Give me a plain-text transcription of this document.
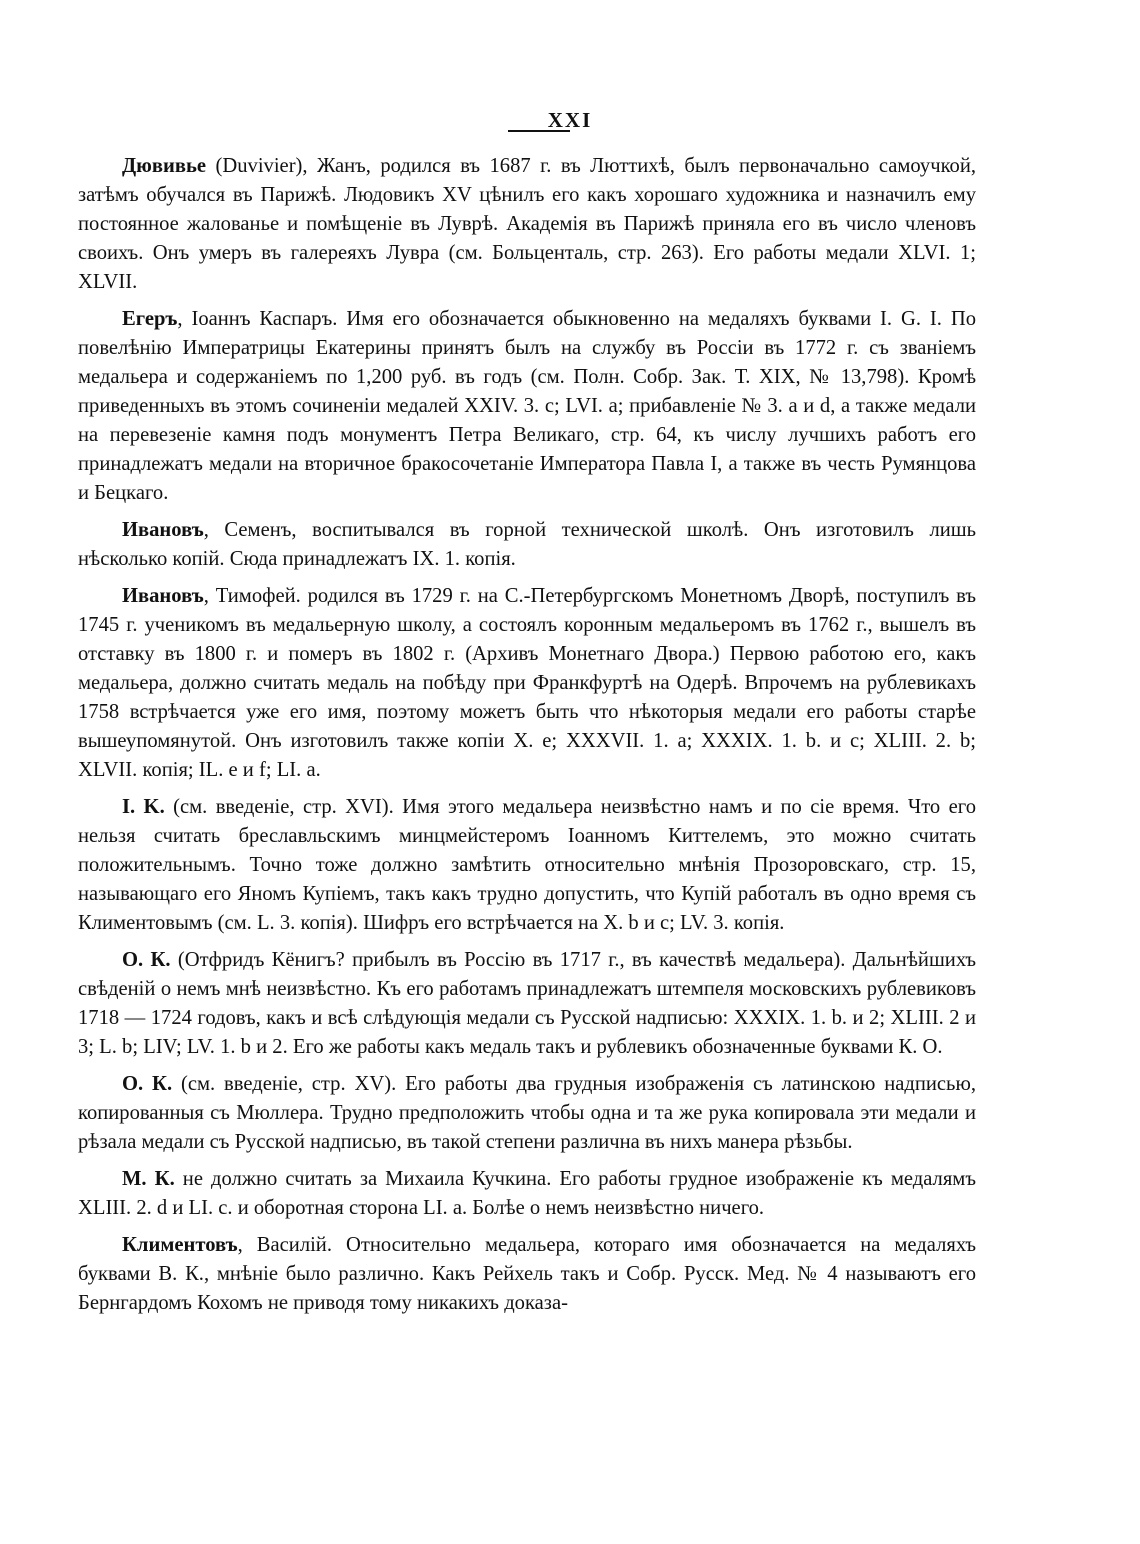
XXI

Дювивье (Duvivier), Жанъ, родился въ 1687 г. въ Люттихѣ, былъ первоначально самоучкой, затѣмъ обучался въ Парижѣ. Людовикъ XV цѣнилъ его какъ хорошаго художника и назначилъ ему постоянное жалованье и помѣщеніе въ Луврѣ. Академія въ Парижѣ приняла его въ число членовъ своихъ. Онъ умеръ въ галереяхъ Лувра (см. Больценталь, стр. 263). Его работы медали XLVI. 1; XLVII.

Егеръ, Іоаннъ Каспаръ. Имя его обозначается обыкновенно на медаляхъ буквами I. G. I. По повелѣнію Императрицы Екатерины принятъ былъ на службу въ Россіи въ 1772 г. съ званіемъ медальера и содержаніемъ по 1,200 руб. въ годъ (см. Полн. Собр. Зак. Т. XIX, № 13,798). Кромѣ приведенныхъ въ этомъ сочиненіи медалей XXIV. 3. c; LVI. a; прибавленіе № 3. a и d, а также медали на перевезеніе камня подъ монументъ Петра Великаго, стр. 64, къ числу лучшихъ работъ его принадлежатъ медали на вторичное бракосочетаніе Императора Павла I, а также въ честь Румянцова и Бецкаго.

Ивановъ, Семенъ, воспитывался въ горной технической школѣ. Онъ изготовилъ лишь нѣсколько копій. Сюда принадлежатъ IX. 1. копія.

Ивановъ, Тимофей. родился въ 1729 г. на С.-Петербургскомъ Монетномъ Дворѣ, поступилъ въ 1745 г. ученикомъ въ медальерную школу, а состоялъ коронным медальеромъ въ 1762 г., вышелъ въ отставку въ 1800 г. и померъ въ 1802 г. (Архивъ Монетнаго Двора.) Первою работою его, какъ медальера, должно считать медаль на побѣду при Франкфуртѣ на Одерѣ. Впрочемъ на рублевикахъ 1758 встрѣчается уже его имя, поэтому можетъ быть что нѣкоторыя медали его работы старѣе вышеупомянутой. Онъ изготовилъ также копіи X. e; XXXVII. 1. a; XXXIX. 1. b. и c; XLIII. 2. b; XLVII. копія; IL. e и f; LI. a.

I. K. (см. введеніе, стр. XVI). Имя этого медальера неизвѣстно намъ и по сіе время. Что его нельзя считать бреславльскимъ минцмейстеромъ Іоанномъ Киттелемъ, это можно считать положительнымъ. Точно тоже должно замѣтить относительно мнѣнія Прозоровскаго, стр. 15, называющаго его Яномъ Купіемъ, такъ какъ трудно допустить, что Купій работалъ въ одно время съ Климентовымъ (см. L. 3. копія). Шифръ его встрѣчается на X. b и c; LV. 3. копія.

О. К. (Отфридъ Кёнигъ? прибылъ въ Россію въ 1717 г., въ качествѣ медальера). Дальнѣйшихъ свѣденій о немъ мнѣ неизвѣстно. Къ его работамъ принадлежатъ штемпеля московскихъ рублевиковъ 1718 — 1724 годовъ, какъ и всѣ слѣдующія медали съ Русской надписью: XXXIX. 1. b. и 2; XLIII. 2 и 3; L. b; LIV; LV. 1. b и 2. Его же работы какъ медаль такъ и рублевикъ обозначенные буквами К. О.

О. К. (см. введеніе, стр. XV). Его работы два грудныя изображенія съ латинскою надписью, копированныя съ Мюллера. Трудно предположить чтобы одна и та же рука копировала эти медали и рѣзала медали съ Русской надписью, въ такой степени различна въ нихъ манера рѣзьбы.

М. К. не должно считать за Михаила Кучкина. Его работы грудное изображеніе къ медалямъ XLIII. 2. d и LI. c. и оборотная сторона LI. a. Болѣе о немъ неизвѣстно ничего.

Климентовъ, Василій. Относительно медальера, котораго имя обозначается на медаляхъ буквами В. К., мнѣніе было различно. Какъ Рейхель такъ и Собр. Русск. Мед. № 4 называютъ его Бернгардомъ Кохомъ не приводя тому никакихъ доказа-
